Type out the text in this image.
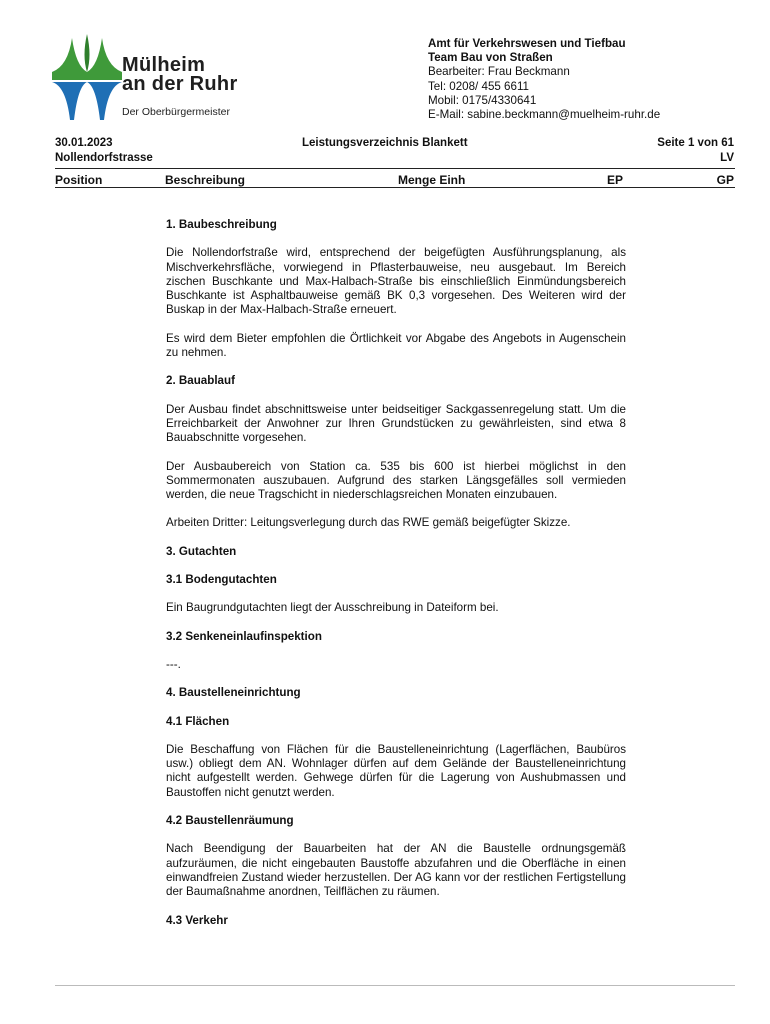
Mülheim
an der Ruhr
Der Oberbürgermeister
Amt für Verkehrswesen und Tiefbau
Team Bau von Straßen
Bearbeiter: Frau Beckmann
Tel: 0208/ 455 6611
Mobil: 0175/4330641
E-Mail: sabine.beckmann@muelheim-ruhr.de
30.01.2023
Nollendorfstrasse
Leistungsverzeichnis Blankett	Seite 1 von 61
LV
Position	Beschreibung	Menge Einh	EP	GP
1. Baubeschreibung

Die Nollendorfstraße wird, entsprechend der beigefügten Ausführungsplanung, als Mischverkehrsfläche, vorwiegend in Pflasterbauweise, neu ausgebaut. Im Bereich zischen Buschkante und Max-Halbach-Straße bis einschließlich Einmündungsbereich Buschkante ist Asphaltbauweise gemäß BK 0,3 vorgesehen. Des Weiteren wird der Buskap in der Max-Halbach-Straße erneuert.

Es wird dem Bieter empfohlen die Örtlichkeit vor Abgabe des Angebots in Augenschein zu nehmen.

2. Bauablauf

Der Ausbau findet abschnittsweise unter beidseitiger Sackgassenregelung statt. Um die Erreichbarkeit der Anwohner zur Ihren Grundstücken zu gewährleisten, sind etwa 8 Bauabschnitte vorgesehen.

Der Ausbaubereich von Station ca. 535 bis 600 ist hierbei möglichst in den Sommermonaten auszubauen. Aufgrund des starken Längsgefälles soll vermieden werden, die neue Tragschicht in niederschlagsreichen Monaten einzubauen.

Arbeiten Dritter: Leitungsverlegung durch das RWE gemäß beigefügter Skizze.

3. Gutachten
3.1 Bodengutachten

Ein Baugrundgutachten liegt der Ausschreibung in Dateiform bei.

3.2 Senkeneinlaufinspektion

---.

4. Baustelleneinrichtung
4.1 Flächen

Die Beschaffung von Flächen für die Baustelleneinrichtung (Lagerflächen, Baubüros usw.) obliegt dem AN. Wohnlager dürfen auf dem Gelände der Baustelleneinrichtung nicht aufgestellt werden. Gehwege dürfen für die Lagerung von Aushubmassen und Baustoffen nicht genutzt werden.

4.2 Baustellenräumung

Nach Beendigung der Bauarbeiten hat der AN die Baustelle ordnungsgemäß aufzuräumen, die nicht eingebauten Baustoffe abzufahren und die Oberfläche in einen einwandfreien Zustand wieder herzustellen. Der AG kann vor der restlichen Fertigstellung der Baumaßnahme anordnen, Teilflächen zu räumen.

4.3 Verkehr
